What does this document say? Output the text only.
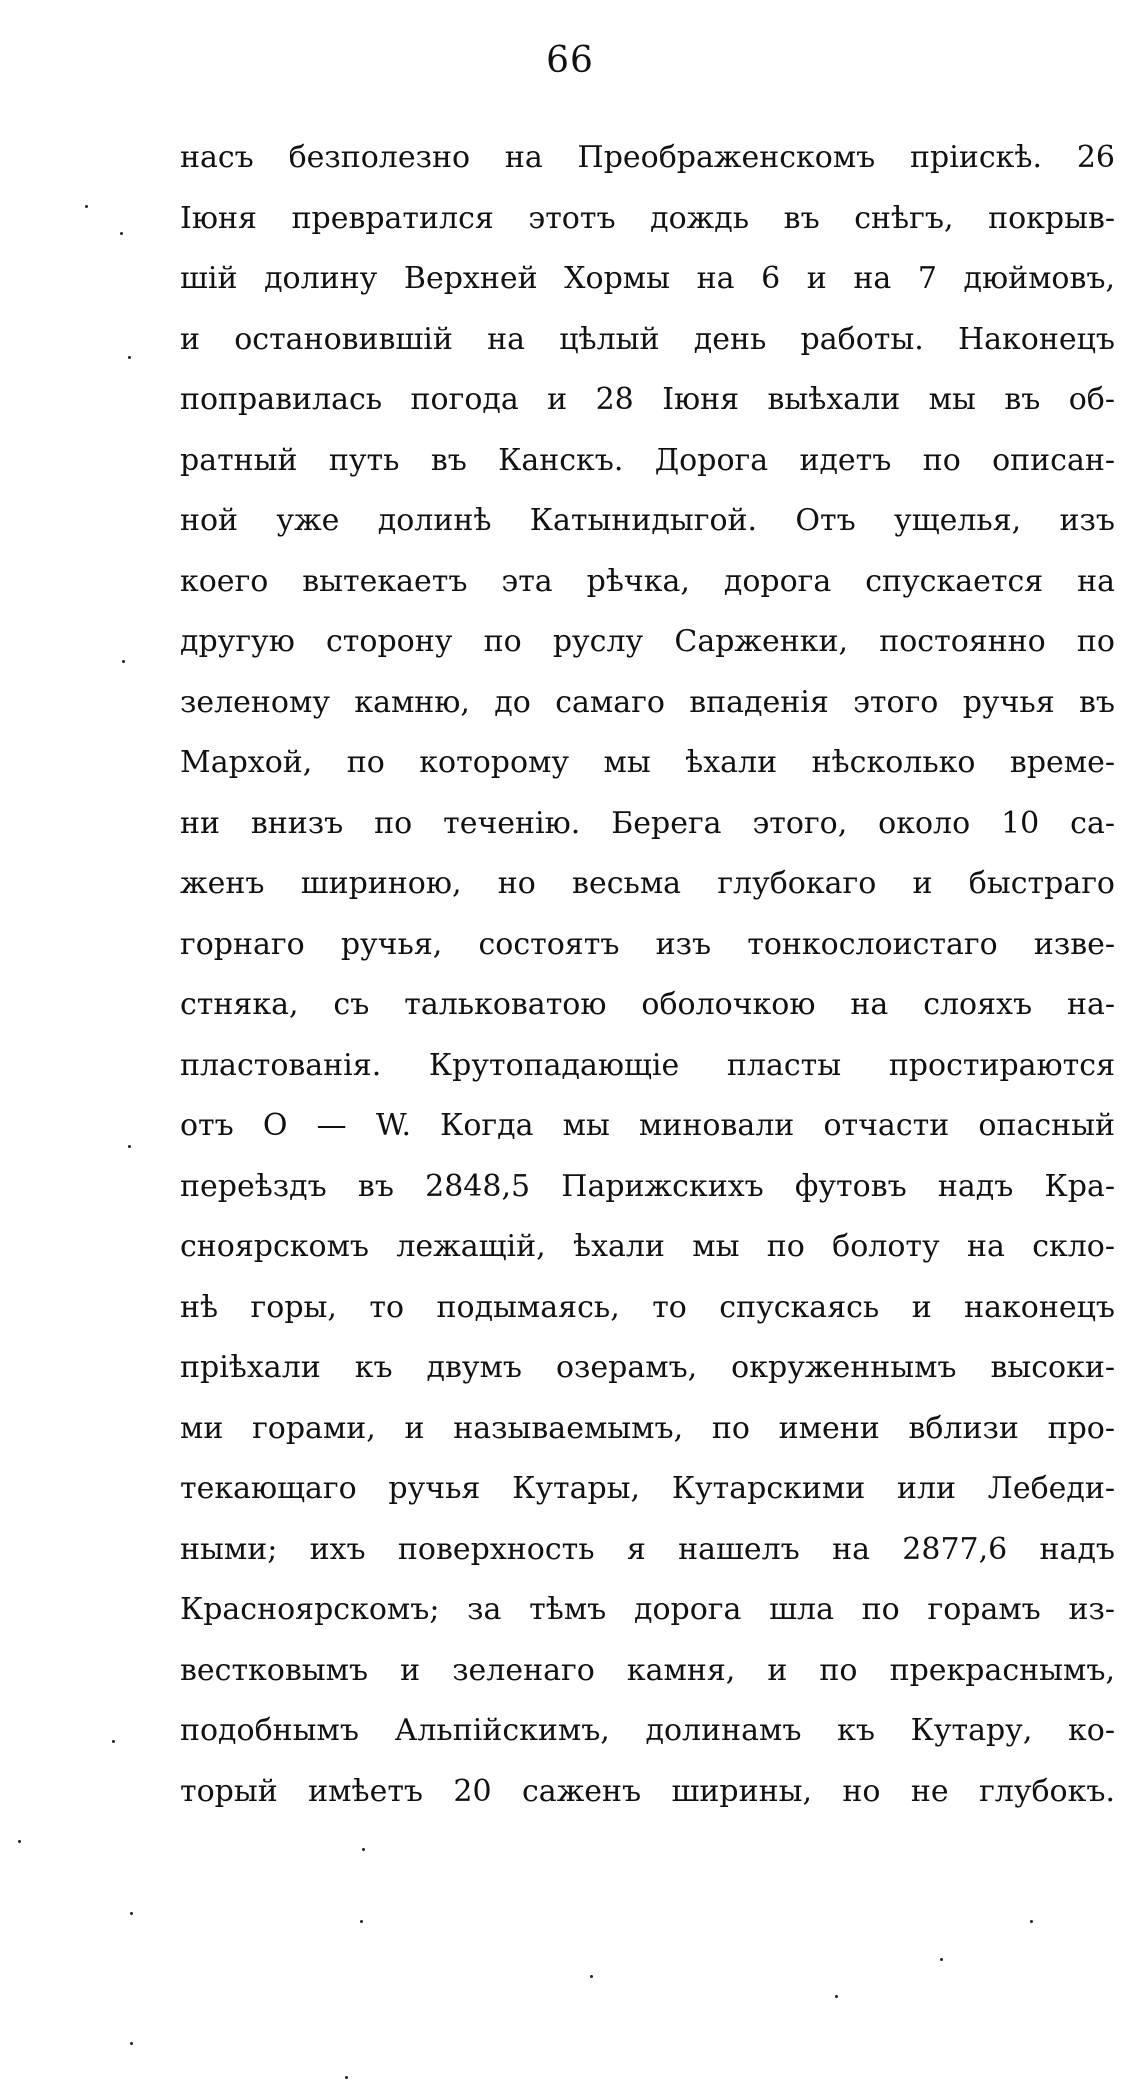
66
насъ безполезно на Преображенскомъ прiискѣ. 26
Iюня превратился этотъ дождь въ снѣгъ, покрыв-
шiй долину Верхней Хормы на 6 и на 7 дюймовъ,
и остановившiй на цѣлый день работы. Наконецъ
поправилась погода и 28 Iюня выѣхали мы въ об-
ратный путь въ Канскъ. Дорога идетъ по описан-
ной уже долинѣ Катынидыгой. Отъ ущелья, изъ
коего вытекаетъ эта рѣчка, дорога спускается на
другую сторону по руслу Сарженки, постоянно по
зеленому камню, до самаго впаденiя этого ручья въ
Мархой, по которому мы ѣхали нѣсколько време-
ни внизъ по теченiю. Берега этого, около 10 са-
женъ шириною, но весьма глубокаго и быстраго
горнаго ручья, состоятъ изъ тонкослоистаго изве-
стняка, съ тальковатою оболочкою на слояхъ на-
пластованiя. Крутопадающiе пласты простираются
отъ O — W. Когда мы миновали отчасти опасный
переѣздъ въ 2848,5 Парижскихъ футовъ надъ Кра-
сноярскомъ лежащiй, ѣхали мы по болоту на скло-
нѣ горы, то подымаясь, то спускаясь и наконецъ
прiѣхали къ двумъ озерамъ, окруженнымъ высоки-
ми горами, и называемымъ, по имени вблизи про-
текающаго ручья Кутары, Кутарскими или Лебеди-
ными; ихъ поверхность я нашелъ на 2877,6 надъ
Красноярскомъ; за тѣмъ дорога шла по горамъ из-
вестковымъ и зеленаго камня, и по прекраснымъ,
подобнымъ Альпiйскимъ, долинамъ къ Кутару, ко-
торый имѣетъ 20 саженъ ширины, но не глубокъ.
